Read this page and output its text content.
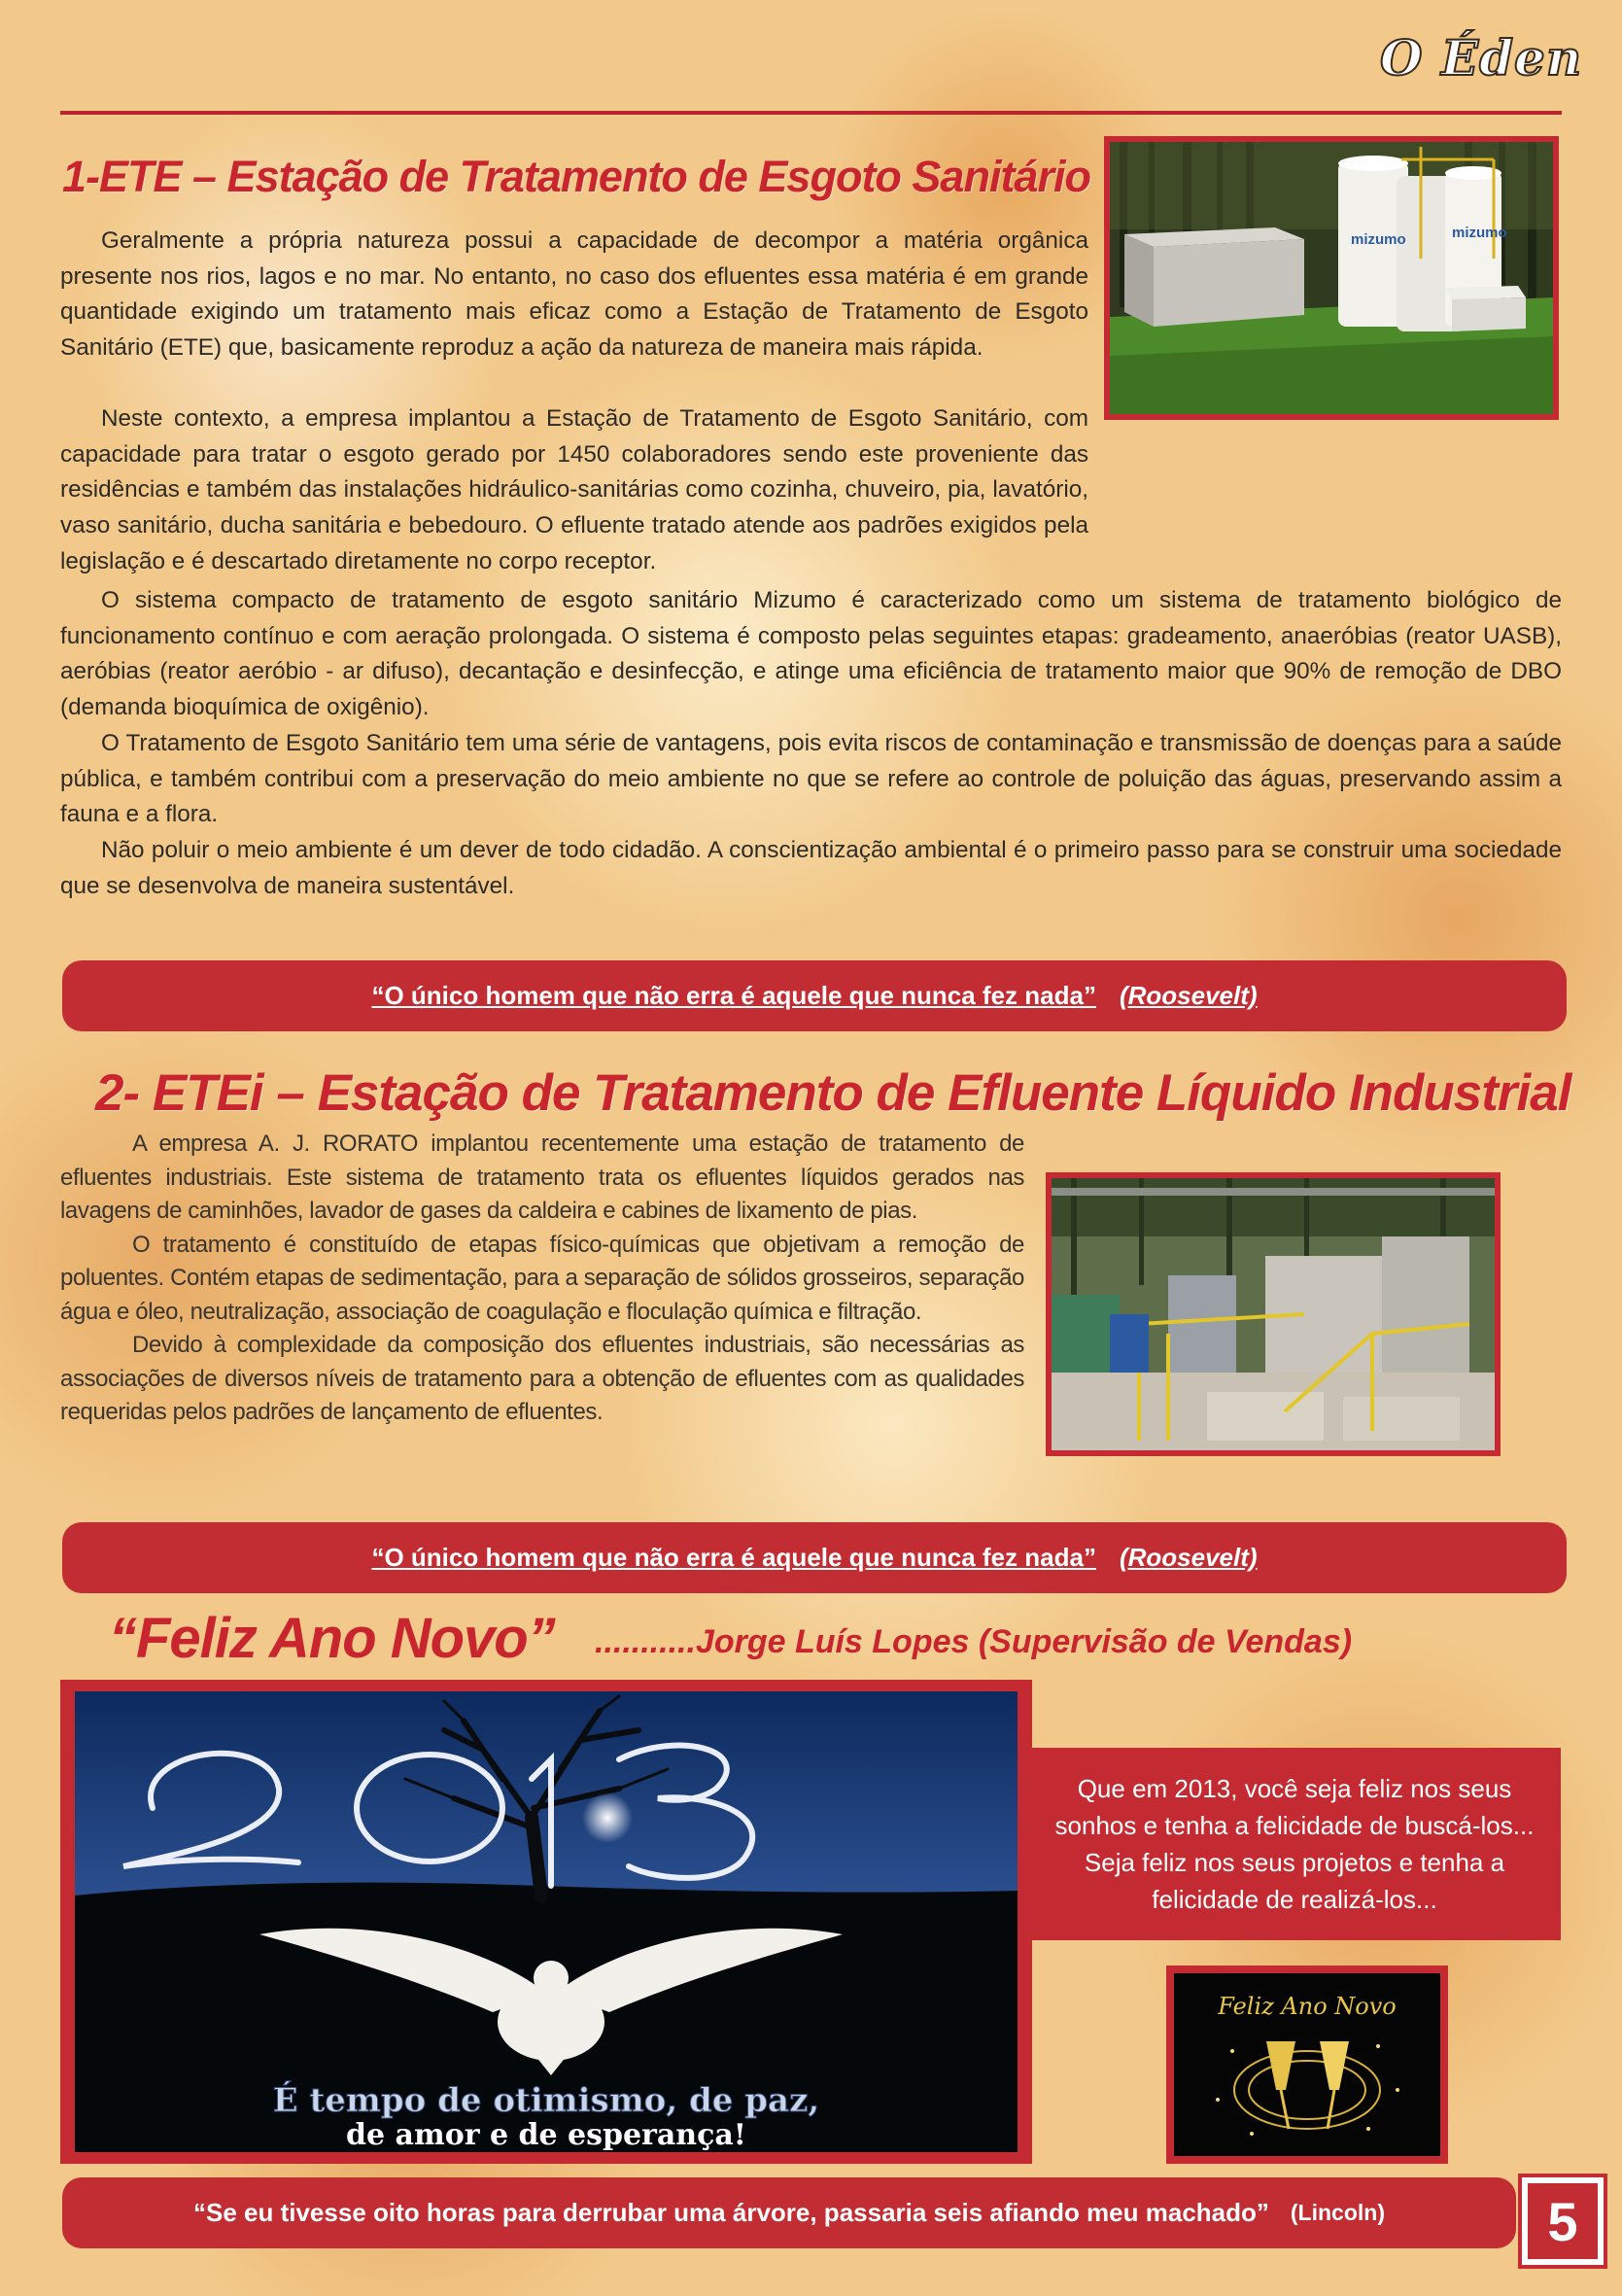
O Éden
1-ETE – Estação de Tratamento de Esgoto Sanitário
mizumo	mizumo

Geralmente a própria natureza possui a capacidade de decompor a matéria orgânica presente nos rios, lagos e no mar. No entanto, no caso dos efluentes essa matéria é em grande quantidade exigindo um tratamento mais eficaz como a Estação de Tratamento de Esgoto Sanitário (ETE) que, basicamente reproduz a ação da natureza de maneira mais rápida.

Neste contexto, a empresa implantou a Estação de Tratamento de Esgoto Sanitário, com capacidade para tratar o esgoto gerado por 1450 colaboradores sendo este proveniente das residências e também das instalações hidráulico-sanitárias como cozinha, chuveiro, pia, lavatório, vaso sanitário, ducha sanitária e bebedouro. O efluente tratado atende aos padrões exigidos pela legislação e é descartado diretamente no corpo receptor.

O sistema compacto de tratamento de esgoto sanitário Mizumo é caracterizado como um sistema de tratamento biológico de funcionamento contínuo e com aeração prolongada. O sistema é composto pelas seguintes etapas: gradeamento, anaeróbias (reator UASB), aeróbias (reator aeróbio - ar difuso), decantação e desinfecção, e atinge uma eficiência de tratamento maior que 90% de remoção de DBO (demanda bioquímica de oxigênio).

O Tratamento de Esgoto Sanitário tem uma série de vantagens, pois evita riscos de contaminação e transmissão de doenças para a saúde pública, e também contribui com a preservação do meio ambiente no que se refere ao controle de poluição das águas, preservando assim a fauna e a flora.

Não poluir o meio ambiente é um dever de todo cidadão. A conscientização ambiental é o primeiro passo para se construir uma sociedade que se desenvolva de maneira sustentável.

“O único homem que não erra é aquele que nunca fez nada” (Roosevelt)
2- ETEi – Estação de Tratamento de Efluente Líquido Industrial

A empresa A. J. RORATO implantou recentemente uma estação de tratamento de efluentes industriais. Este sistema de tratamento trata os efluentes líquidos gerados nas lavagens de caminhões, lavador de gases da caldeira e cabines de lixamento de pias.

O tratamento é constituído de etapas físico-químicas que objetivam a remoção de poluentes. Contém etapas de sedimentação, para a separação de sólidos grosseiros, separação água e óleo, neutralização, associação de coagulação e floculação química e filtração.

Devido à complexidade da composição dos efluentes industriais, são necessárias as associações de diversos níveis de tratamento para a obtenção de efluentes com as qualidades requeridas pelos padrões de lançamento de efluentes.

“O único homem que não erra é aquele que nunca fez nada” (Roosevelt)
“Feliz Ano Novo” ...........Jorge Luís Lopes (Supervisão de Vendas)
É tempo de otimismo, de paz,
de amor e de esperança!
Que em 2013, você seja feliz nos seus sonhos e tenha a felicidade de buscá-los... Seja feliz nos seus projetos e tenha a felicidade de realizá-los...
Feliz Ano Novo
“Se eu tivesse oito horas para derrubar uma árvore, passaria seis afiando meu machado” (Lincoln)	5
